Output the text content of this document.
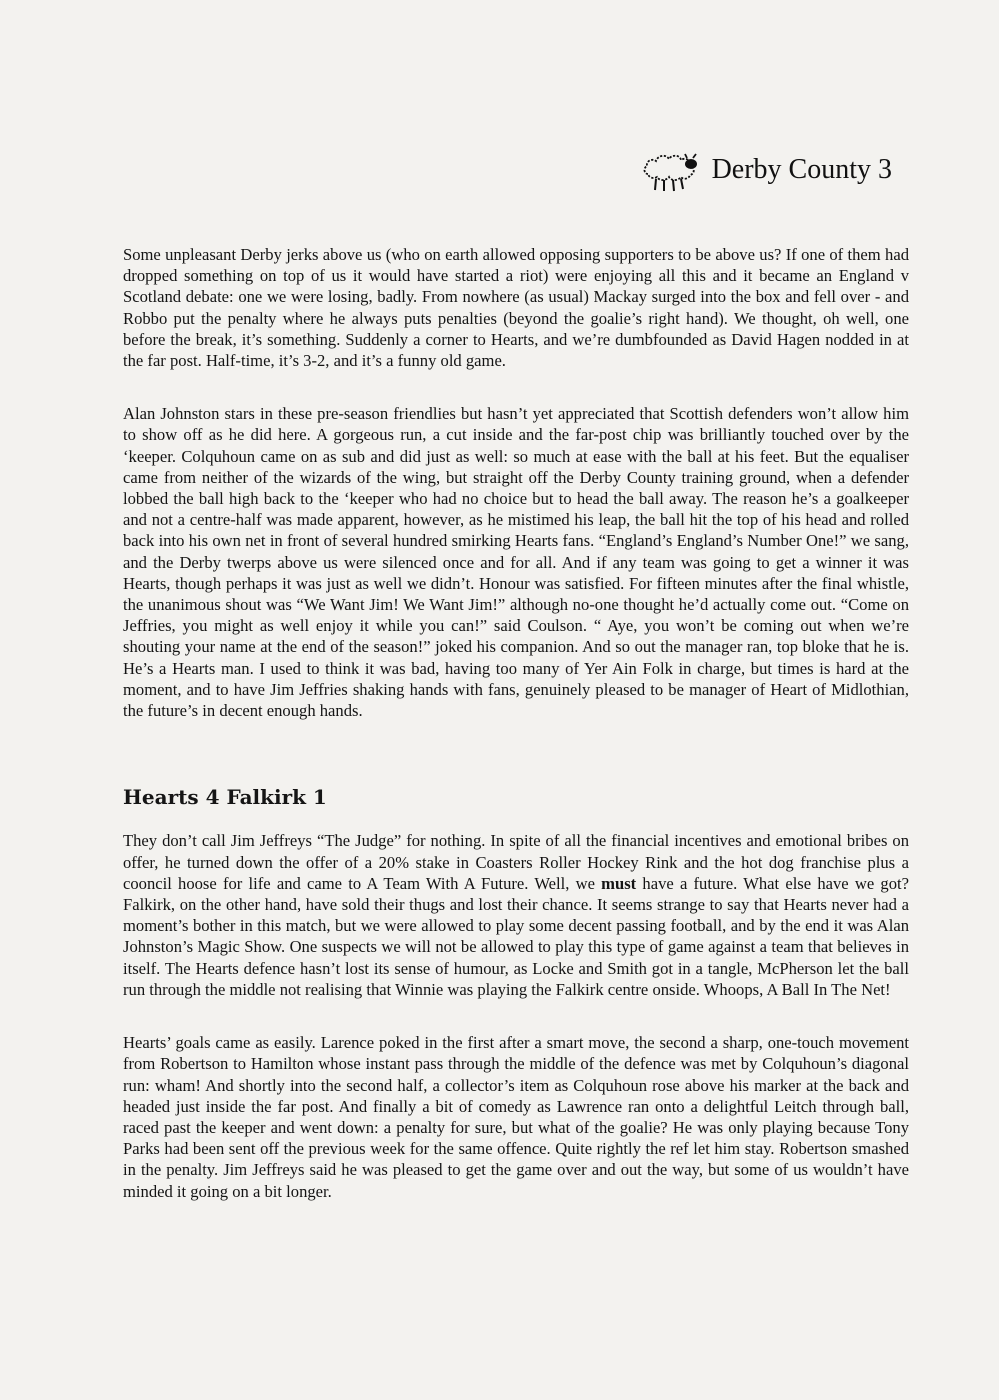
Derby County 3

Some unpleasant Derby jerks above us (who on earth allowed opposing supporters to be above us? If one of them had dropped something on top of us it would have started a riot) were enjoying all this and it became an England v Scotland debate: one we were losing, badly. From nowhere (as usual) Mackay surged into the box and fell over - and Robbo put the penalty where he always puts penalties (beyond the goalie’s right hand). We thought, oh well, one before the break, it’s something. Suddenly a corner to Hearts, and we’re dumbfounded as David Hagen nodded in at the far post. Half-time, it’s 3-2, and it’s a funny old game.

Alan Johnston stars in these pre-season friendlies but hasn’t yet appreciated that Scottish defenders won’t allow him to show off as he did here. A gorgeous run, a cut inside and the far-post chip was brilliantly touched over by the ‘keeper. Colquhoun came on as sub and did just as well: so much at ease with the ball at his feet. But the equaliser came from neither of the wizards of the wing, but straight off the Derby County training ground, when a defender lobbed the ball high back to the ‘keeper who had no choice but to head the ball away. The reason he’s a goalkeeper and not a centre-half was made apparent, however, as he mistimed his leap, the ball hit the top of his head and rolled back into his own net in front of several hundred smirking Hearts fans. “England’s England’s Number One!” we sang, and the Derby twerps above us were silenced once and for all. And if any team was going to get a winner it was Hearts, though perhaps it was just as well we didn’t. Honour was satisfied. For fifteen minutes after the final whistle, the unanimous shout was “We Want Jim! We Want Jim!” although no-one thought he’d actually come out. “Come on Jeffries, you might as well enjoy it while you can!” said Coulson. “ Aye, you won’t be coming out when we’re shouting your name at the end of the season!” joked his companion. And so out the manager ran, top bloke that he is. He’s a Hearts man. I used to think it was bad, having too many of Yer Ain Folk in charge, but times is hard at the moment, and to have Jim Jeffries shaking hands with fans, genuinely pleased to be manager of Heart of Midlothian, the future’s in decent enough hands.

Hearts 4 Falkirk 1

They don’t call Jim Jeffreys “The Judge” for nothing. In spite of all the financial incentives and emotional bribes on offer, he turned down the offer of a 20% stake in Coasters Roller Hockey Rink and the hot dog franchise plus a cooncil hoose for life and came to A Team With A Future. Well, we must have a future. What else have we got? Falkirk, on the other hand, have sold their thugs and lost their chance. It seems strange to say that Hearts never had a moment’s bother in this match, but we were allowed to play some decent passing football, and by the end it was Alan Johnston’s Magic Show. One suspects we will not be allowed to play this type of game against a team that believes in itself. The Hearts defence hasn’t lost its sense of humour, as Locke and Smith got in a tangle, McPherson let the ball run through the middle not realising that Winnie was playing the Falkirk centre onside. Whoops, A Ball In The Net!

Hearts’ goals came as easily. Larence poked in the first after a smart move, the second a sharp, one-touch movement from Robertson to Hamilton whose instant pass through the middle of the defence was met by Colquhoun’s diagonal run: wham! And shortly into the second half, a collector’s item as Colquhoun rose above his marker at the back and headed just inside the far post. And finally a bit of comedy as Lawrence ran onto a delightful Leitch through ball, raced past the keeper and went down: a penalty for sure, but what of the goalie? He was only playing because Tony Parks had been sent off the previous week for the same offence. Quite rightly the ref let him stay. Robertson smashed in the penalty. Jim Jeffreys said he was pleased to get the game over and out the way, but some of us wouldn’t have minded it going on a bit longer.
